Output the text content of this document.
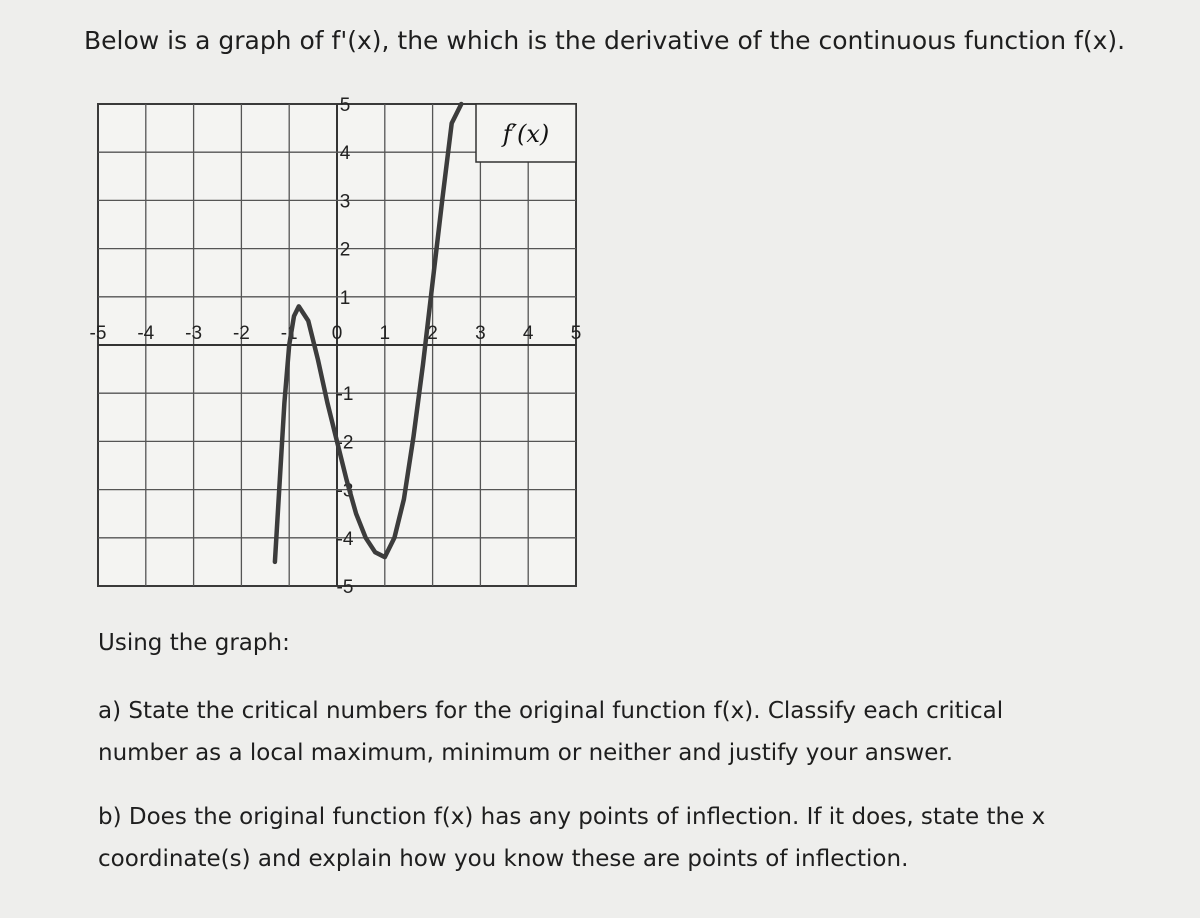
Below is a graph of f'(x), the which is the derivative of the continuous function f(x).
-5 -4 -3 -2 -1 0 1 2 3 4 5
5
4
3
2
1
-1
-2
-3
-4
-5
f′(x)
Using the graph:
a) State the critical numbers for the original function f(x). Classify each critical number as a local maximum, minimum or neither and justify your answer.
b) Does the original function f(x) has any points of inflection. If it does, state the x coordinate(s) and explain how you know these are points of inflection.
